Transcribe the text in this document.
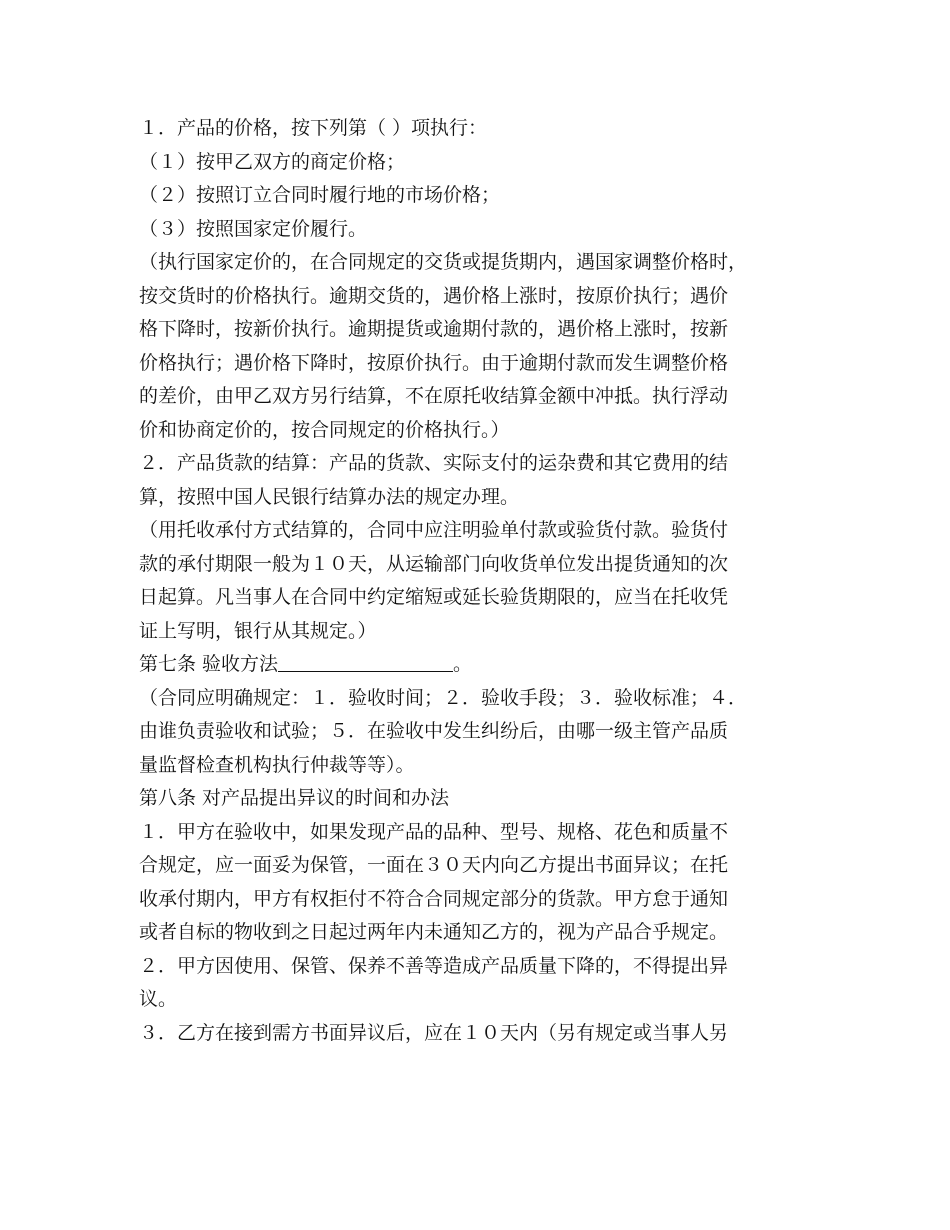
１．产品的价格，按下列第（ ）项执行：
（１）按甲乙双方的商定价格；
（２）按照订立合同时履行地的市场价格；
（３）按照国家定价履行。
（执行国家定价的，在合同规定的交货或提货期内，遇国家调整价格时，
按交货时的价格执行。逾期交货的，遇价格上涨时，按原价执行；遇价
格下降时，按新价执行。逾期提货或逾期付款的，遇价格上涨时，按新
价格执行；遇价格下降时，按原价执行。由于逾期付款而发生调整价格
的差价，由甲乙双方另行结算，不在原托收结算金额中冲抵。执行浮动
价和协商定价的，按合同规定的价格执行。）
２．产品货款的结算：产品的货款、实际支付的运杂费和其它费用的结
算，按照中国人民银行结算办法的规定办理。
（用托收承付方式结算的，合同中应注明验单付款或验货付款。验货付
款的承付期限一般为１０天，从运输部门向收货单位发出提货通知的次
日起算。凡当事人在合同中约定缩短或延长验货期限的，应当在托收凭
证上写明，银行从其规定。）
第七条 验收方法	。
（合同应明确规定：１．验收时间；２．验收手段；３．验收标准；４．
由谁负责验收和试验；５．在验收中发生纠纷后，由哪一级主管产品质
量监督检查机构执行仲裁等等）。
第八条 对产品提出异议的时间和办法
１．甲方在验收中，如果发现产品的品种、型号、规格、花色和质量不
合规定，应一面妥为保管，一面在３０天内向乙方提出书面异议；在托
收承付期内，甲方有权拒付不符合合同规定部分的货款。甲方怠于通知
或者自标的物收到之日起过两年内未通知乙方的，视为产品合乎规定。
２．甲方因使用、保管、保养不善等造成产品质量下降的，不得提出异
议。
３．乙方在接到需方书面异议后，应在１０天内（另有规定或当事人另
